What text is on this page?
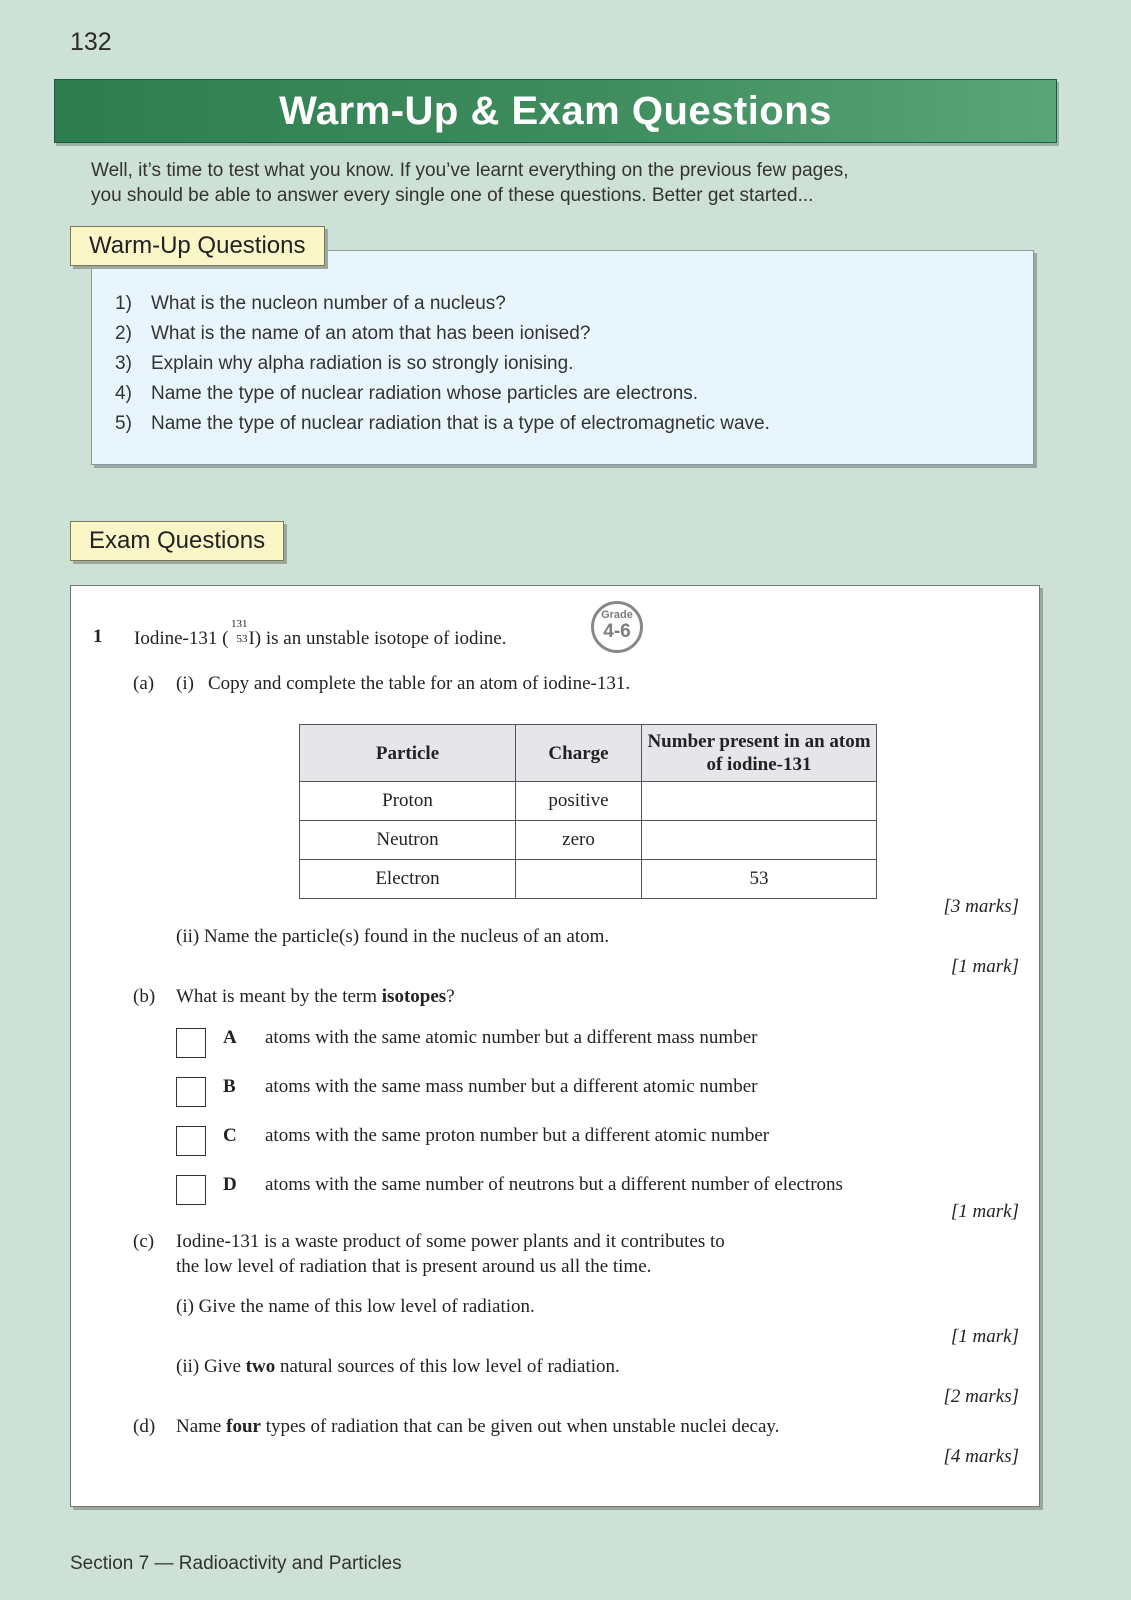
132
Warm-Up & Exam Questions
Well, it’s time to test what you know. If you’ve learnt everything on the previous few pages,
you should be able to answer every single one of these questions. Better get started...
Warm-Up Questions
1) What is the nucleon number of a nucleus?
2) What is the name of an atom that has been ionised?
3) Explain why alpha radiation is so strongly ionising.
4) Name the type of nuclear radiation whose particles are electrons.
5) Name the type of nuclear radiation that is a type of electromagnetic wave.
Exam Questions
1 Iodine-131 (
131
53 I) is an unstable isotope of iodine.
Grade
4-6
(a) (i) Copy and complete the table for an atom of iodine-131.
Particle	Charge	Number present in an atom of iodine-131
Proton	positive	
Neutron	zero	
Electron		53
[3 marks]
(ii) Name the particle(s) found in the nucleus of an atom.
[1 mark]
(b) What is meant by the term isotopes?
A atoms with the same atomic number but a different mass number
B atoms with the same mass number but a different atomic number
C atoms with the same proton number but a different atomic number
D atoms with the same number of neutrons but a different number of electrons
[1 mark]
(c) Iodine-131 is a waste product of some power plants and it contributes to
the low level of radiation that is present around us all the time.
(i) Give the name of this low level of radiation.
[1 mark]
(ii) Give two natural sources of this low level of radiation.
[2 marks]
(d) Name four types of radiation that can be given out when unstable nuclei decay.
[4 marks]
Section 7 — Radioactivity and Particles
